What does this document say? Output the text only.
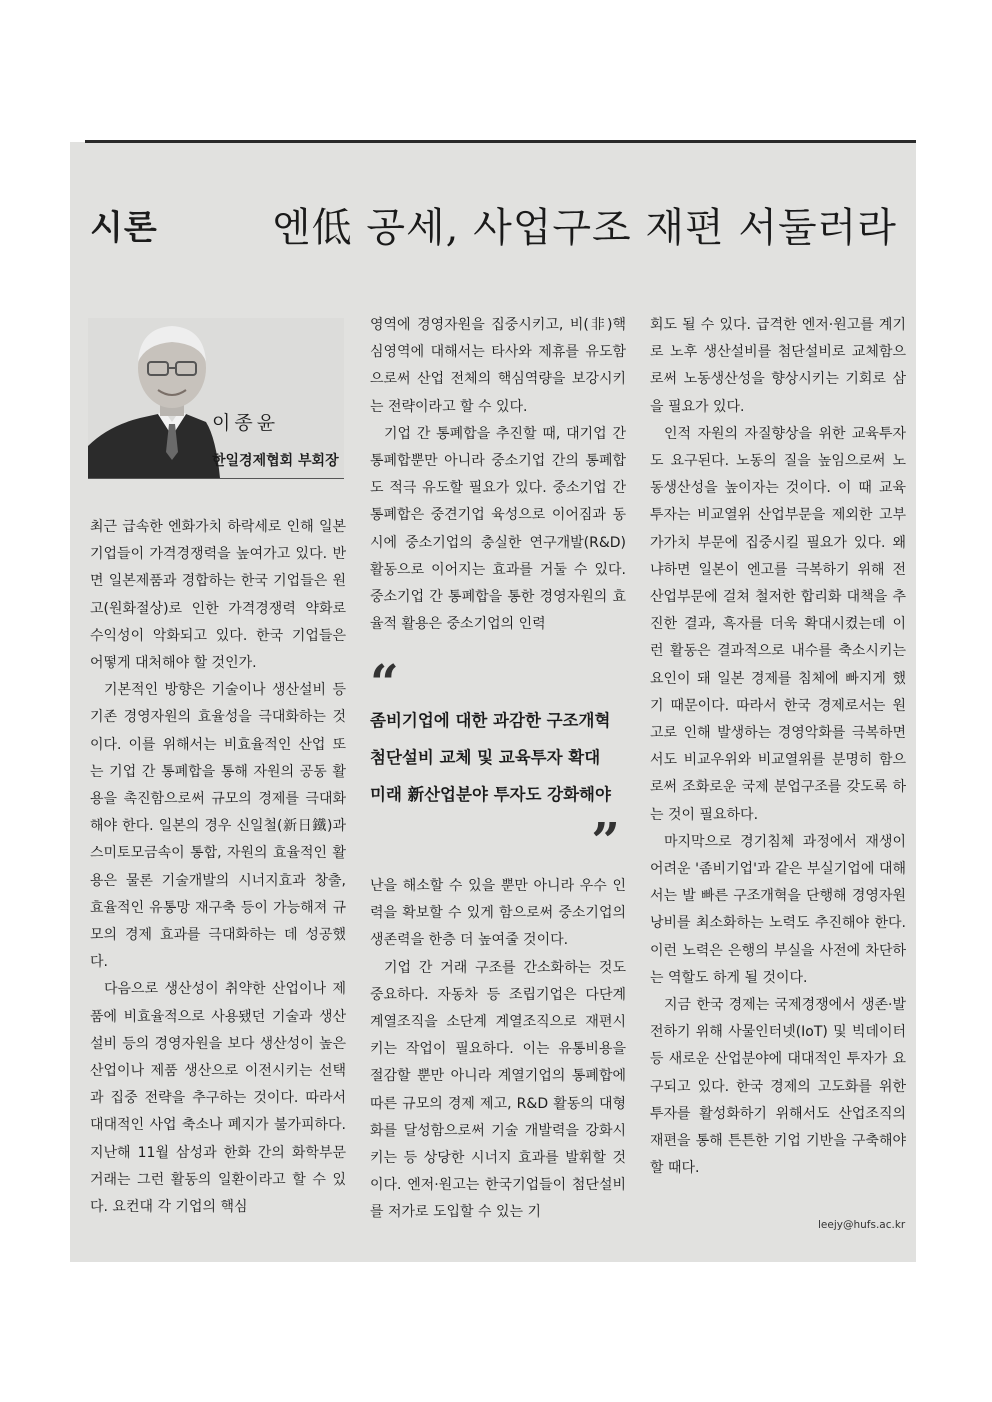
시론	엔低 공세, 사업구조 재편 서둘러라
이종윤
한일경제협회 부회장

최근 급속한 엔화가치 하락세로 인해 일본 기업들이 가격경쟁력을 높여가고 있다. 반면 일본제품과 경합하는 한국 기업들은 원고(원화절상)로 인한 가격경쟁력 약화로 수익성이 악화되고 있다. 한국 기업들은 어떻게 대처해야 할 것인가.

기본적인 방향은 기술이나 생산설비 등 기존 경영자원의 효율성을 극대화하는 것이다. 이를 위해서는 비효율적인 산업 또는 기업 간 통폐합을 통해 자원의 공동 활용을 촉진함으로써 규모의 경제를 극대화해야 한다. 일본의 경우 신일철(新日鐵)과 스미토모금속이 통합, 자원의 효율적인 활용은 물론 기술개발의 시너지효과 창출, 효율적인 유통망 재구축 등이 가능해져 규모의 경제 효과를 극대화하는 데 성공했다.

다음으로 생산성이 취약한 산업이나 제품에 비효율적으로 사용됐던 기술과 생산설비 등의 경영자원을 보다 생산성이 높은 산업이나 제품 생산으로 이전시키는 선택과 집중 전략을 추구하는 것이다. 따라서 대대적인 사업 축소나 폐지가 불가피하다. 지난해 11월 삼성과 한화 간의 화학부문 거래는 그런 활동의 일환이라고 할 수 있다. 요컨대 각 기업의 핵심

영역에 경영자원을 집중시키고, 비(非)핵심영역에 대해서는 타사와 제휴를 유도함으로써 산업 전체의 핵심역량을 보강시키는 전략이라고 할 수 있다.

기업 간 통폐합을 추진할 때, 대기업 간 통폐합뿐만 아니라 중소기업 간의 통폐합도 적극 유도할 필요가 있다. 중소기업 간 통폐합은 중견기업 육성으로 이어짐과 동시에 중소기업의 충실한 연구개발(R&D) 활동으로 이어지는 효과를 거둘 수 있다. 중소기업 간 통폐합을 통한 경영자원의 효율적 활용은 중소기업의 인력

“
좀비기업에 대한 과감한 구조개혁
첨단설비 교체 및 교육투자 확대
미래 新산업분야 투자도 강화해야
”

난을 해소할 수 있을 뿐만 아니라 우수 인력을 확보할 수 있게 함으로써 중소기업의 생존력을 한층 더 높여줄 것이다.

기업 간 거래 구조를 간소화하는 것도 중요하다. 자동차 등 조립기업은 다단계 계열조직을 소단계 계열조직으로 재편시키는 작업이 필요하다. 이는 유통비용을 절감할 뿐만 아니라 계열기업의 통폐합에 따른 규모의 경제 제고, R&D 활동의 대형화를 달성함으로써 기술 개발력을 강화시키는 등 상당한 시너지 효과를 발휘할 것이다. 엔저·원고는 한국기업들이 첨단설비를 저가로 도입할 수 있는 기

회도 될 수 있다. 급격한 엔저·원고를 계기로 노후 생산설비를 첨단설비로 교체함으로써 노동생산성을 향상시키는 기회로 삼을 필요가 있다.

인적 자원의 자질향상을 위한 교육투자도 요구된다. 노동의 질을 높임으로써 노동생산성을 높이자는 것이다. 이 때 교육투자는 비교열위 산업부문을 제외한 고부가가치 부문에 집중시킬 필요가 있다. 왜냐하면 일본이 엔고를 극복하기 위해 전 산업부문에 걸쳐 철저한 합리화 대책을 추진한 결과, 흑자를 더욱 확대시켰는데 이런 활동은 결과적으로 내수를 축소시키는 요인이 돼 일본 경제를 침체에 빠지게 했기 때문이다. 따라서 한국 경제로서는 원고로 인해 발생하는 경영악화를 극복하면서도 비교우위와 비교열위를 분명히 함으로써 조화로운 국제 분업구조를 갖도록 하는 것이 필요하다.

마지막으로 경기침체 과정에서 재생이 어려운 '좀비기업'과 같은 부실기업에 대해서는 발 빠른 구조개혁을 단행해 경영자원 낭비를 최소화하는 노력도 추진해야 한다. 이런 노력은 은행의 부실을 사전에 차단하는 역할도 하게 될 것이다.

지금 한국 경제는 국제경쟁에서 생존·발전하기 위해 사물인터넷(IoT) 및 빅데이터 등 새로운 산업분야에 대대적인 투자가 요구되고 있다. 한국 경제의 고도화를 위한 투자를 활성화하기 위해서도 산업조직의 재편을 통해 튼튼한 기업 기반을 구축해야 할 때다.

leejy@hufs.ac.kr
